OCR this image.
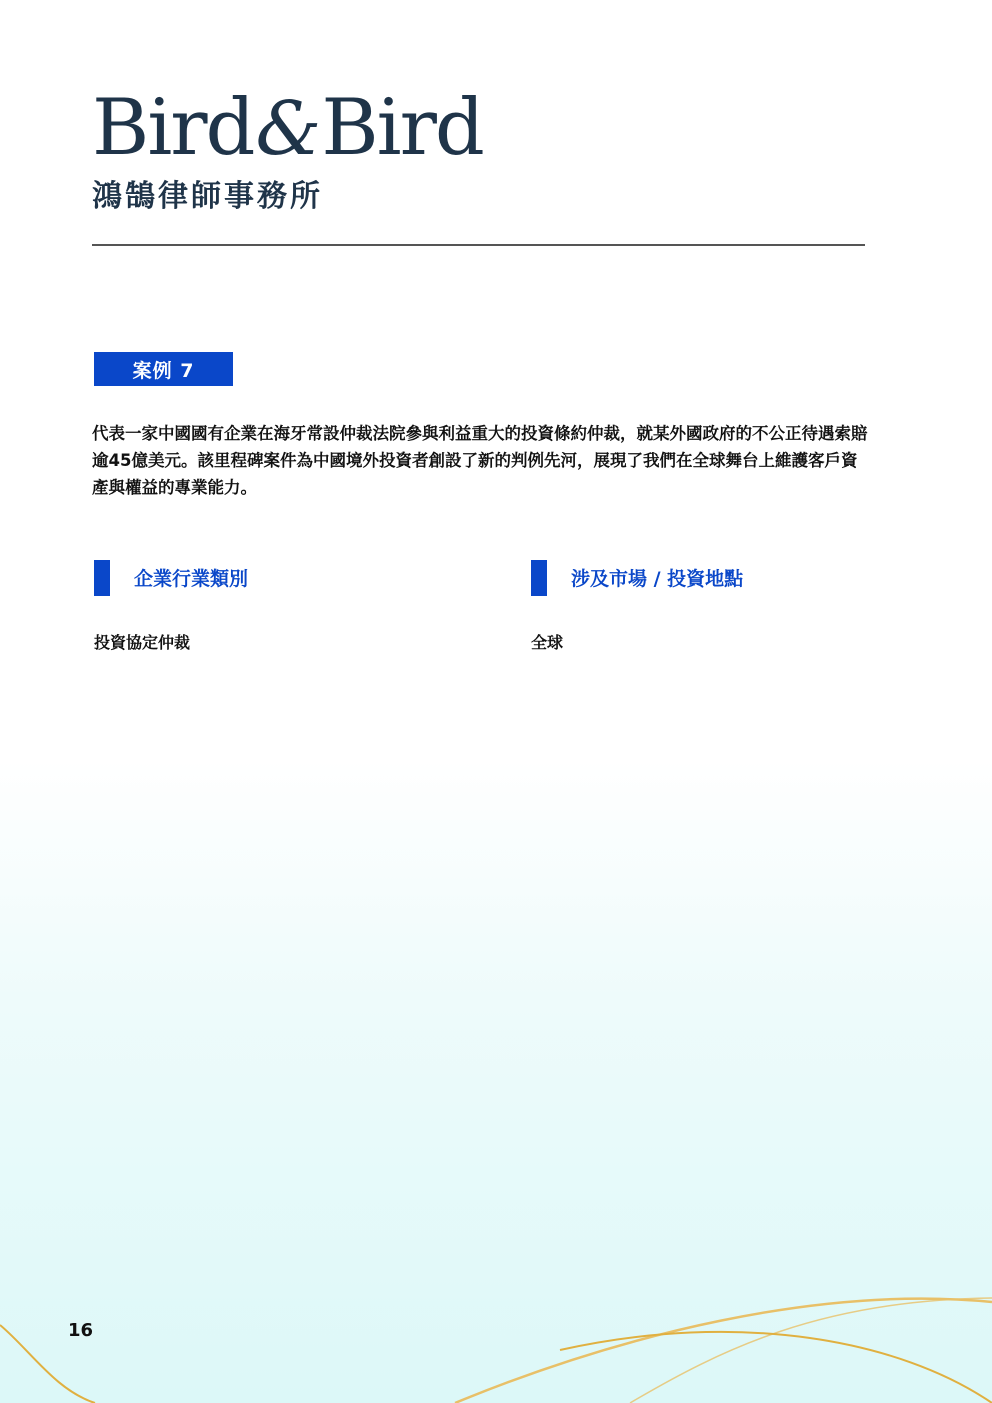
Bird&Bird
鴻鵠律師事務所
案例 7
代表一家中國國有企業在海牙常設仲裁法院參與利益重大的投資條約仲裁，就某外國政府的不公正待遇索賠逾45億美元。該里程碑案件為中國境外投資者創設了新的判例先河，展現了我們在全球舞台上維護客戶資產與權益的專業能力。
企業行業類別
投資協定仲裁
涉及市場 / 投資地點
全球
16
